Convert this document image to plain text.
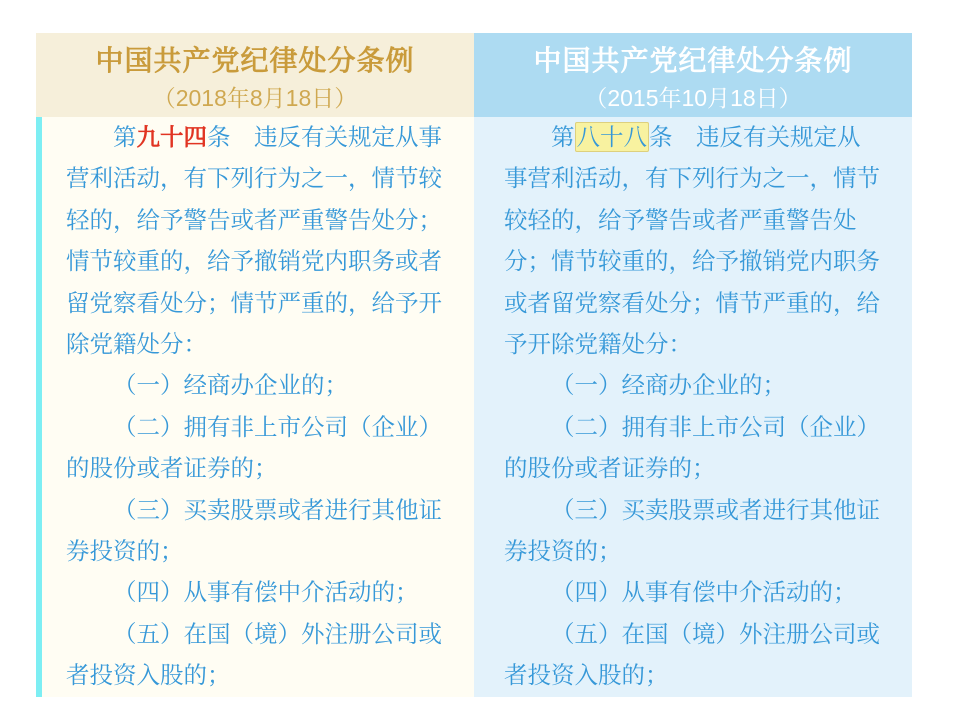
中国共产党纪律处分条例
（2018年8月18日）

第九十四条　违反有关规定从事营利活动，有下列行为之一，情节较轻的，给予警告或者严重警告处分；情节较重的，给予撤销党内职务或者留党察看处分；情节严重的，给予开除党籍处分：

（一）经商办企业的；

（二）拥有非上市公司（企业）的股份或者证券的；

（三）买卖股票或者进行其他证券投资的；

（四）从事有偿中介活动的；

（五）在国（境）外注册公司或者投资入股的；

中国共产党纪律处分条例
（2015年10月18日）

第八十八条　违反有关规定从事营利活动，有下列行为之一，情节较轻的，给予警告或者严重警告处分；情节较重的，给予撤销党内职务或者留党察看处分；情节严重的，给予开除党籍处分：

（一）经商办企业的；

（二）拥有非上市公司（企业）的股份或者证券的；

（三）买卖股票或者进行其他证券投资的；

（四）从事有偿中介活动的；

（五）在国（境）外注册公司或者投资入股的；
